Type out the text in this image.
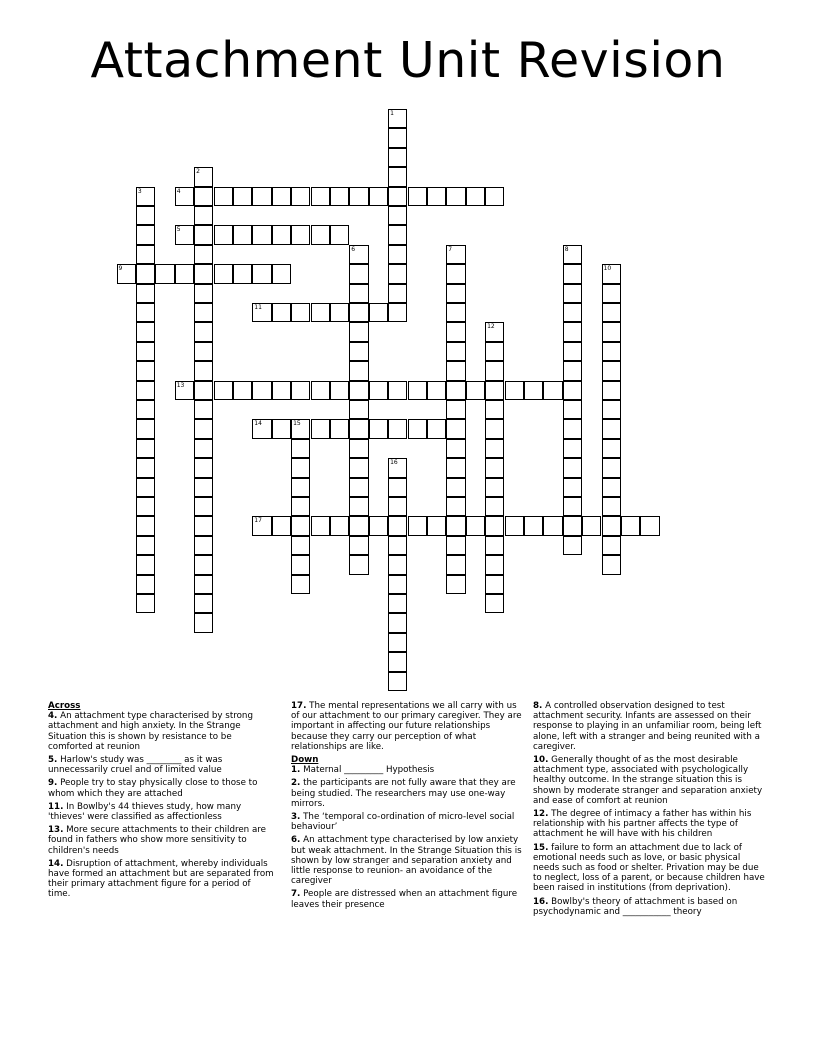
Attachment Unit Revision
1
2
3	4
5
6	7	8
9	10
11
12
13
14	15
16
17
Across
4. An attachment type characterised by strong attachment and high anxiety. In the Strange Situation this is shown by resistance to be comforted at reunion
5. Harlow's study was ________ as it was unnecessarily cruel and of limited value
9. People try to stay physically close to those to whom which they are attached
11. In Bowlby's 44 thieves study, how many 'thieves' were classified as affectionless
13. More secure attachments to their children are found in fathers who show more sensitivity to children's needs
14. Disruption of attachment, whereby individuals have formed an attachment but are separated from their primary attachment figure for a period of time.
17. The mental representations we all carry with us of our attachment to our primary caregiver. They are important in affecting our future relationships because they carry our perception of what relationships are like.
Down
1. Maternal _________ Hypothesis
2. the participants are not fully aware that they are being studied. The researchers may use one-way mirrors.
3. The ‘temporal co-ordination of micro-level social behaviour’
6. An attachment type characterised by low anxiety but weak attachment. In the Strange Situation this is shown by low stranger and separation anxiety and little response to reunion- an avoidance of the caregiver
7. People are distressed when an attachment figure leaves their presence
8. A controlled observation designed to test attachment security. Infants are assessed on their response to playing in an unfamiliar room, being left alone, left with a stranger and being reunited with a caregiver.
10. Generally thought of as the most desirable attachment type, associated with psychologically healthy outcome. In the strange situation this is shown by moderate stranger and separation anxiety and ease of comfort at reunion
12. The degree of intimacy a father has within his relationship with his partner affects the type of attachment he will have with his children
15. failure to form an attachment due to lack of emotional needs such as love, or basic physical needs such as food or shelter. Privation may be due to neglect, loss of a parent, or because children have been raised in institutions (from deprivation).
16. Bowlby's theory of attachment is based on psychodynamic and ___________ theory
